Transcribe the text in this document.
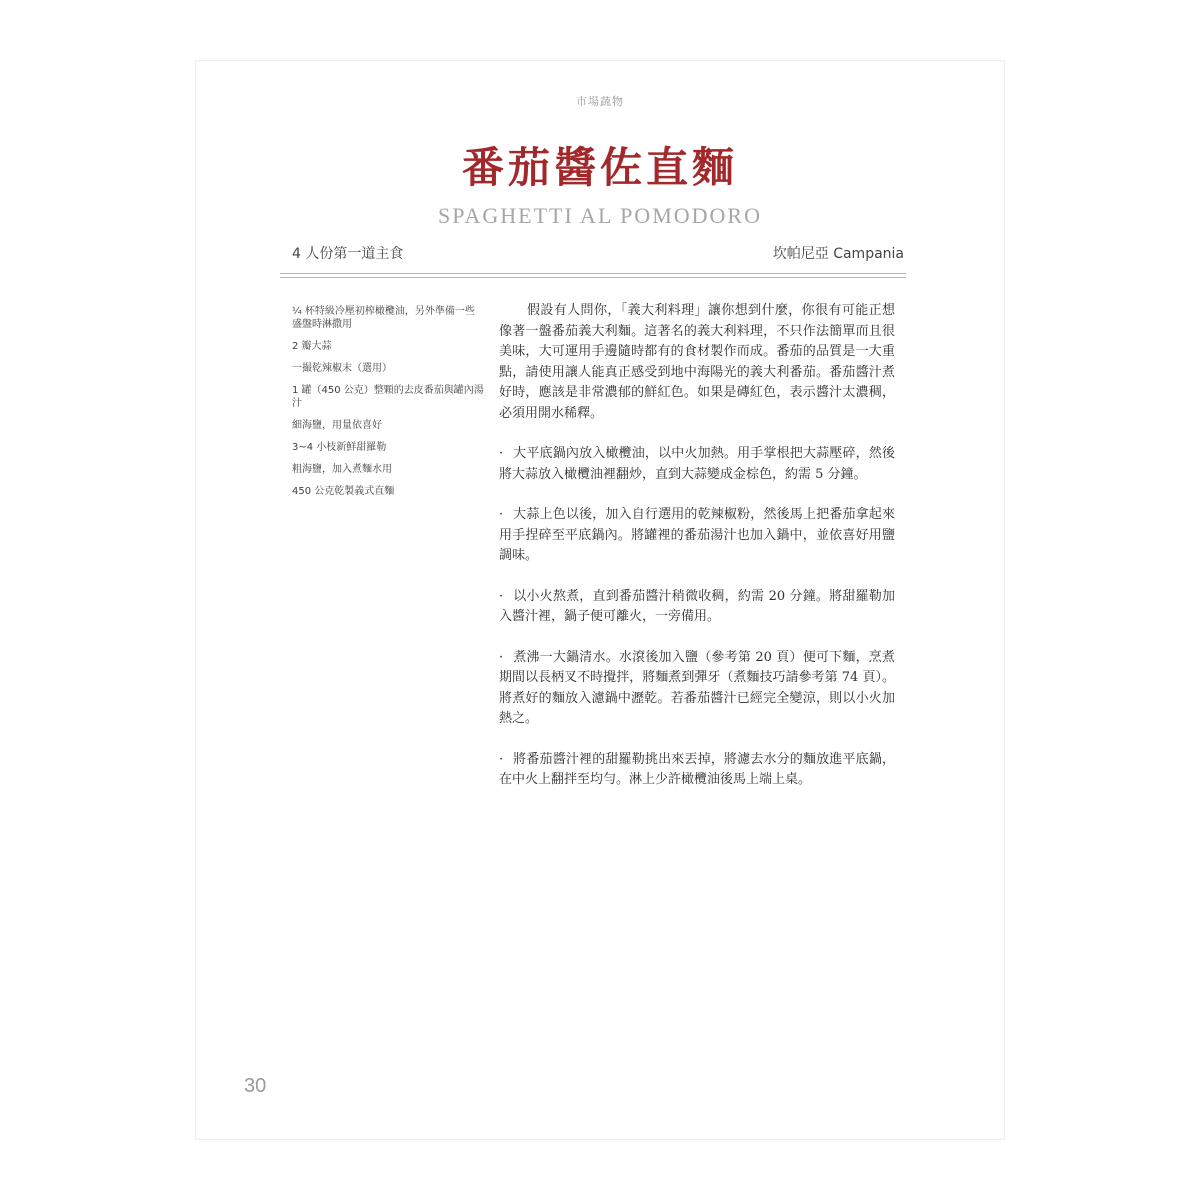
市場蔬物
番茄醬佐直麵
SPAGHETTI AL POMODORO
4 人份第一道主食	坎帕尼亞 Campania
¼ 杯特級冷壓初榨橄欖油，另外準備一些盛盤時淋撒用
2 瓣大蒜
一撮乾辣椒末（選用）
1 罐（450 公克）整顆的去皮番茄與罐內湯汁
細海鹽，用量依喜好
3~4 小枝新鮮甜羅勒
粗海鹽，加入煮麵水用
450 公克乾製義式直麵

假設有人問你，「義大利料理」讓你想到什麼，你很有可能正想像著一盤番茄義大利麵。這著名的義大利料理，不只作法簡單而且很美味，大可運用手邊隨時都有的食材製作而成。番茄的品質是一大重點，請使用讓人能真正感受到地中海陽光的義大利番茄。番茄醬汁煮好時，應該是非常濃郁的鮮紅色。如果是磚紅色，表示醬汁太濃稠，必須用開水稀釋。

· 大平底鍋內放入橄欖油，以中火加熱。用手掌根把大蒜壓碎，然後將大蒜放入橄欖油裡翻炒，直到大蒜變成金棕色，約需 5 分鐘。

· 大蒜上色以後，加入自行選用的乾辣椒粉，然後馬上把番茄拿起來用手捏碎至平底鍋內。將罐裡的番茄湯汁也加入鍋中，並依喜好用鹽調味。

· 以小火熬煮，直到番茄醬汁稍微收稠，約需 20 分鐘。將甜羅勒加入醬汁裡，鍋子便可離火，一旁備用。

· 煮沸一大鍋清水。水滾後加入鹽（參考第 20 頁）便可下麵，烹煮期間以長柄叉不時攪拌，將麵煮到彈牙（煮麵技巧請參考第 74 頁）。將煮好的麵放入濾鍋中瀝乾。若番茄醬汁已經完全變涼，則以小火加熱之。

· 將番茄醬汁裡的甜羅勒挑出來丟掉，將濾去水分的麵放進平底鍋，在中火上翻拌至均勻。淋上少許橄欖油後馬上端上桌。

30
